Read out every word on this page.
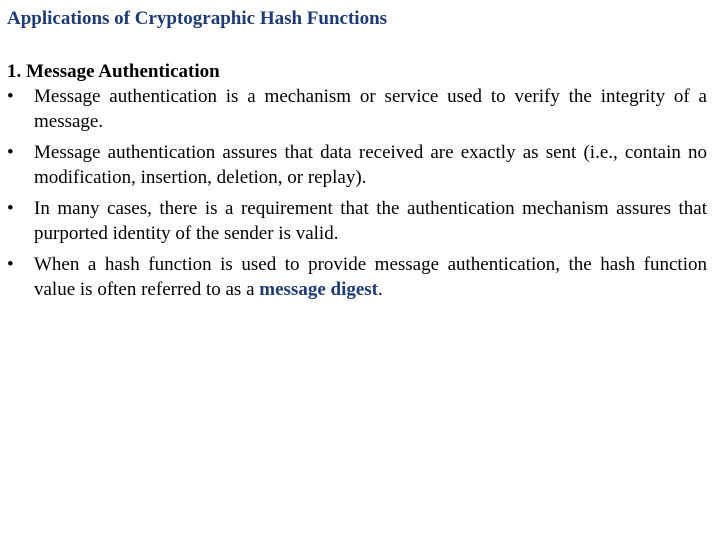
Applications of Cryptographic Hash Functions
1. Message Authentication
•	Message authentication is a mechanism or service used to verify the integrity of a message.
•	Message authentication assures that data received are exactly as sent (i.e., contain no modification, insertion, deletion, or replay).
•	In many cases, there is a requirement that the authentication mechanism assures that purported identity of the sender is valid.
•	When a hash function is used to provide message authentication, the hash function value is often referred to as a message digest.
